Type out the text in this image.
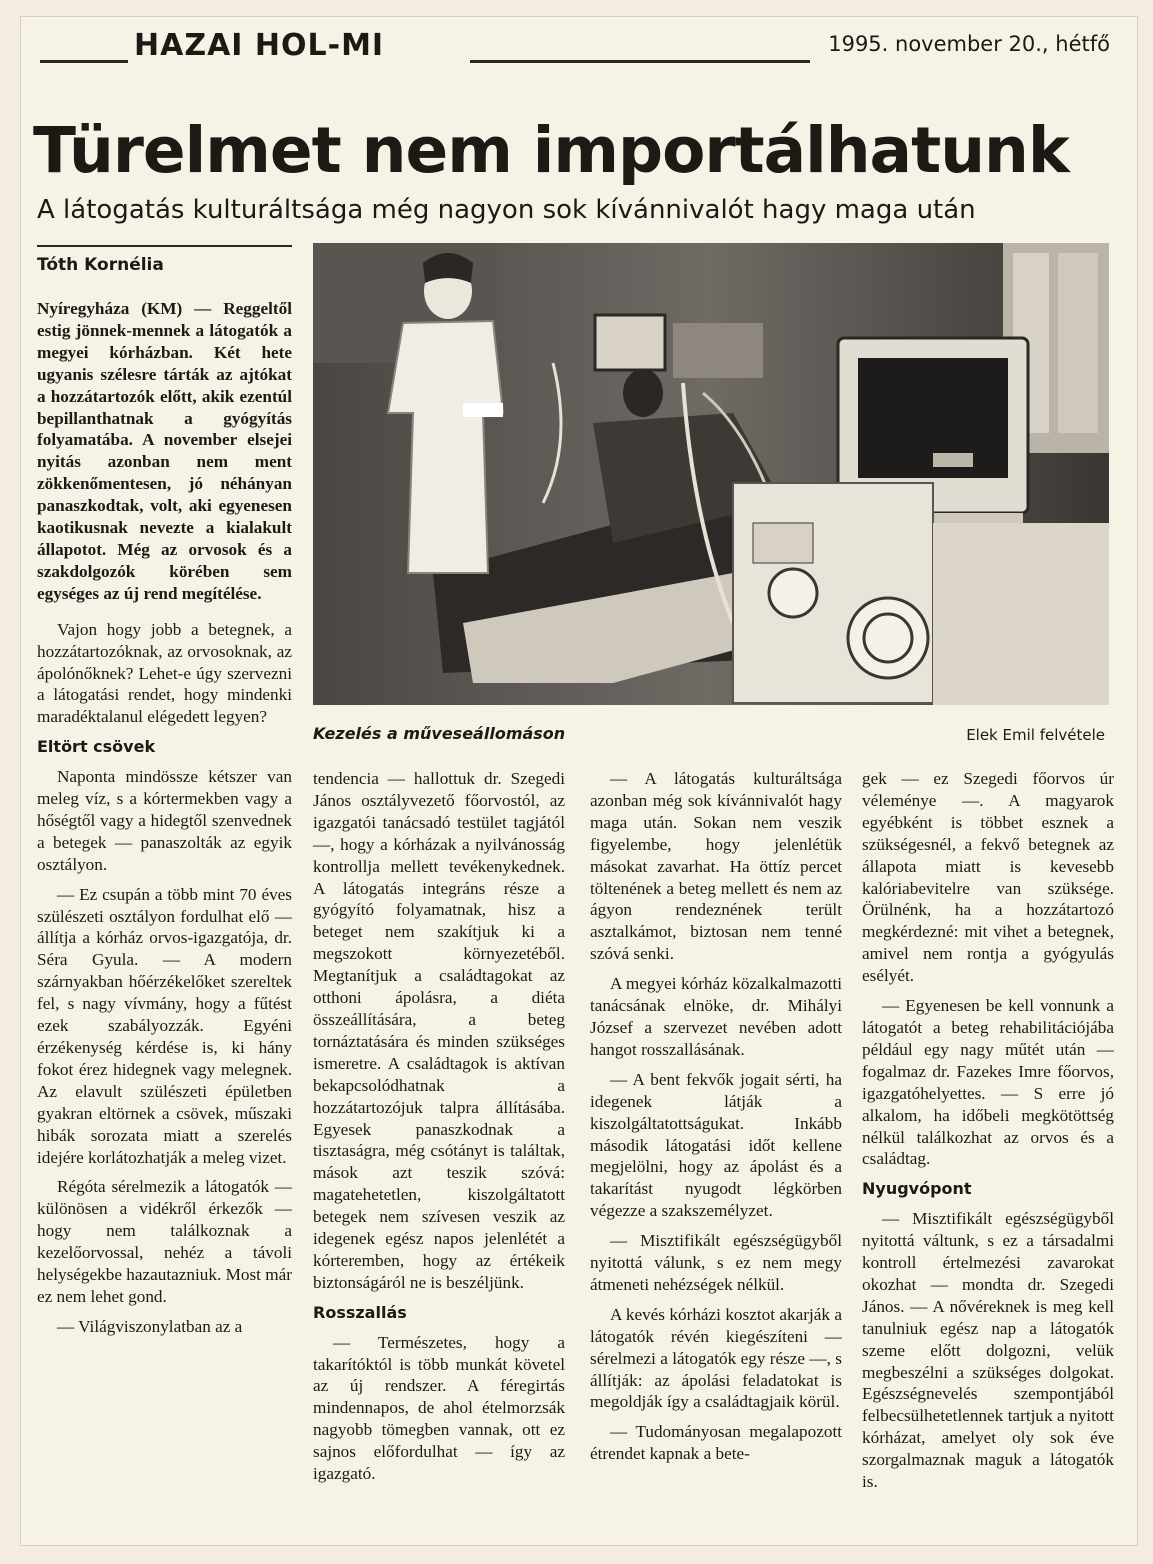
HAZAI HOL-MI	1995. november 20., hétfő
Türelmet nem importálhatunk
A látogatás kulturáltsága még nagyon sok kívánnivalót hagy maga után
Tóth Kornélia
Kezelés a műveseállomáson	Elek Emil felvétele

Nyíregyháza (KM) — Reggeltől estig jönnek-mennek a látogatók a megyei kórházban. Két hete ugyanis szélesre tárták az ajtókat a hozzátartozók előtt, akik ezentúl bepillanthatnak a gyógyítás folyamatába. A november elsejei nyitás azonban nem ment zökkenőmentesen, jó néhányan panaszkodtak, volt, aki egyenesen kaotikusnak nevezte a kialakult állapotot. Még az orvosok és a szakdolgozók körében sem egységes az új rend megítélése.

Vajon hogy jobb a betegnek, a hozzátartozóknak, az orvosoknak, az ápolónőknek? Lehet-e úgy szervezni a látogatási rendet, hogy mindenki maradéktalanul elégedett legyen?

Eltört csövek

Naponta mindössze kétszer van meleg víz, s a kórtermekben vagy a hőségtől vagy a hidegtől szenvednek a betegek — panaszolták az egyik osztályon.

— Ez csupán a több mint 70 éves szülészeti osztályon fordulhat elő — állítja a kórház orvos-igazgatója, dr. Séra Gyula. — A modern szárnyakban hőérzékelőket szereltek fel, s nagy vívmány, hogy a fűtést ezek szabályozzák. Egyéni érzékenység kérdése is, ki hány fokot érez hidegnek vagy melegnek. Az elavult szülészeti épületben gyakran eltörnek a csövek, műszaki hibák sorozata miatt a szerelés idejére korlátozhatják a meleg vizet.

Régóta sérelmezik a látogatók — különösen a vidékről érkezők — hogy nem találkoznak a kezelőorvossal, nehéz a távoli helységekbe hazautazniuk. Most már ez nem lehet gond.

— Világviszonylatban az a

tendencia — hallottuk dr. Szegedi János osztályvezető főorvostól, az igazgatói tanácsadó testület tagjától —, hogy a kórházak a nyilvánosság kontrollja mellett tevékenykednek. A látogatás integráns része a gyógyító folyamatnak, hisz a beteget nem szakítjuk ki a megszokott környezetéből. Megtanítjuk a családtagokat az otthoni ápolásra, a diéta összeállítására, a beteg tornáztatására és minden szükséges ismeretre. A családtagok is aktívan bekapcsolódhatnak a hozzátartozójuk talpra állításába. Egyesek panaszkodnak a tisztaságra, még csótányt is találtak, mások azt teszik szóvá: magatehetetlen, kiszolgáltatott betegek nem szívesen veszik az idegenek egész napos jelenlétét a kórteremben, hogy az értékeik biztonságáról ne is beszéljünk.

Rosszallás

— Természetes, hogy a takarítóktól is több munkát követel az új rendszer. A féregirtás mindennapos, de ahol ételmorzsák nagyobb tömegben vannak, ott ez sajnos előfordulhat — így az igazgató.

— A látogatás kulturáltsága azonban még sok kívánnivalót hagy maga után. Sokan nem veszik figyelembe, hogy jelenlétük másokat zavarhat. Ha öttíz percet töltenének a beteg mellett és nem az ágyon rendeznének terült asztalkámot, biztosan nem tenné szóvá senki.

A megyei kórház közalkalmazotti tanácsának elnöke, dr. Mihályi József a szervezet nevében adott hangot rosszallásának.

— A bent fekvők jogait sérti, ha idegenek látják a kiszolgáltatottságukat. Inkább második látogatási időt kellene megjelölni, hogy az ápolást és a takarítást nyugodt légkörben végezze a szakszemélyzet.

— Misztifikált egészségügyből nyitottá válunk, s ez nem megy átmeneti nehézségek nélkül.

A kevés kórházi kosztot akarják a látogatók révén kiegészíteni — sérelmezi a látogatók egy része —, s állítják: az ápolási feladatokat is megoldják így a családtagjaik körül.

— Tudományosan megalapozott étrendet kapnak a bete-

gek — ez Szegedi főorvos úr véleménye —. A magyarok egyébként is többet esznek a szükségesnél, a fekvő betegnek az állapota miatt is kevesebb kalóriabevitelre van szüksége. Örülnénk, ha a hozzátartozó megkérdezné: mit vihet a betegnek, amivel nem rontja a gyógyulás esélyét.

— Egyenesen be kell vonnunk a látogatót a beteg rehabilitációjába például egy nagy műtét után — fogalmaz dr. Fazekes Imre főorvos, igazgatóhelyettes. — S erre jó alkalom, ha időbeli megkötöttség nélkül találkozhat az orvos és a családtag.

Nyugvópont

— Misztifikált egészségügyből nyitottá váltunk, s ez a társadalmi kontroll értelmezési zavarokat okozhat — mondta dr. Szegedi János. — A nővéreknek is meg kell tanulniuk egész nap a látogatók szeme előtt dolgozni, velük megbeszélni a szükséges dolgokat. Egészségnevelés szempontjából felbecsülhetetlennek tartjuk a nyitott kórházat, amelyet oly sok éve szorgalmaznak maguk a látogatók is.
